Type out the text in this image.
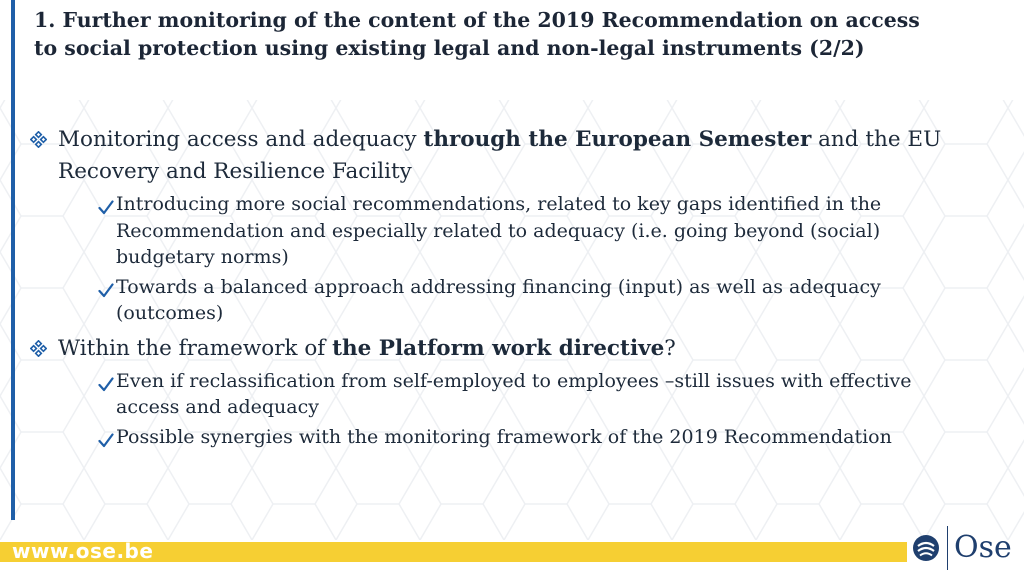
1. Further monitoring of the content of the 2019 Recommendation on access to social protection using existing legal and non-legal instruments (2/2)
Monitoring access and adequacy through the European Semester and the EU Recovery and Resilience Facility
Introducing more social recommendations, related to key gaps identified in the Recommendation and especially related to adequacy (i.e. going beyond (social) budgetary norms)
Towards a balanced approach addressing financing (input) as well as adequacy (outcomes)
Within the framework of the Platform work directive?
Even if reclassification from self-employed to employees –still issues with effective access and adequacy
Possible synergies with the monitoring framework of the 2019 Recommendation
www.ose.be	Ose
